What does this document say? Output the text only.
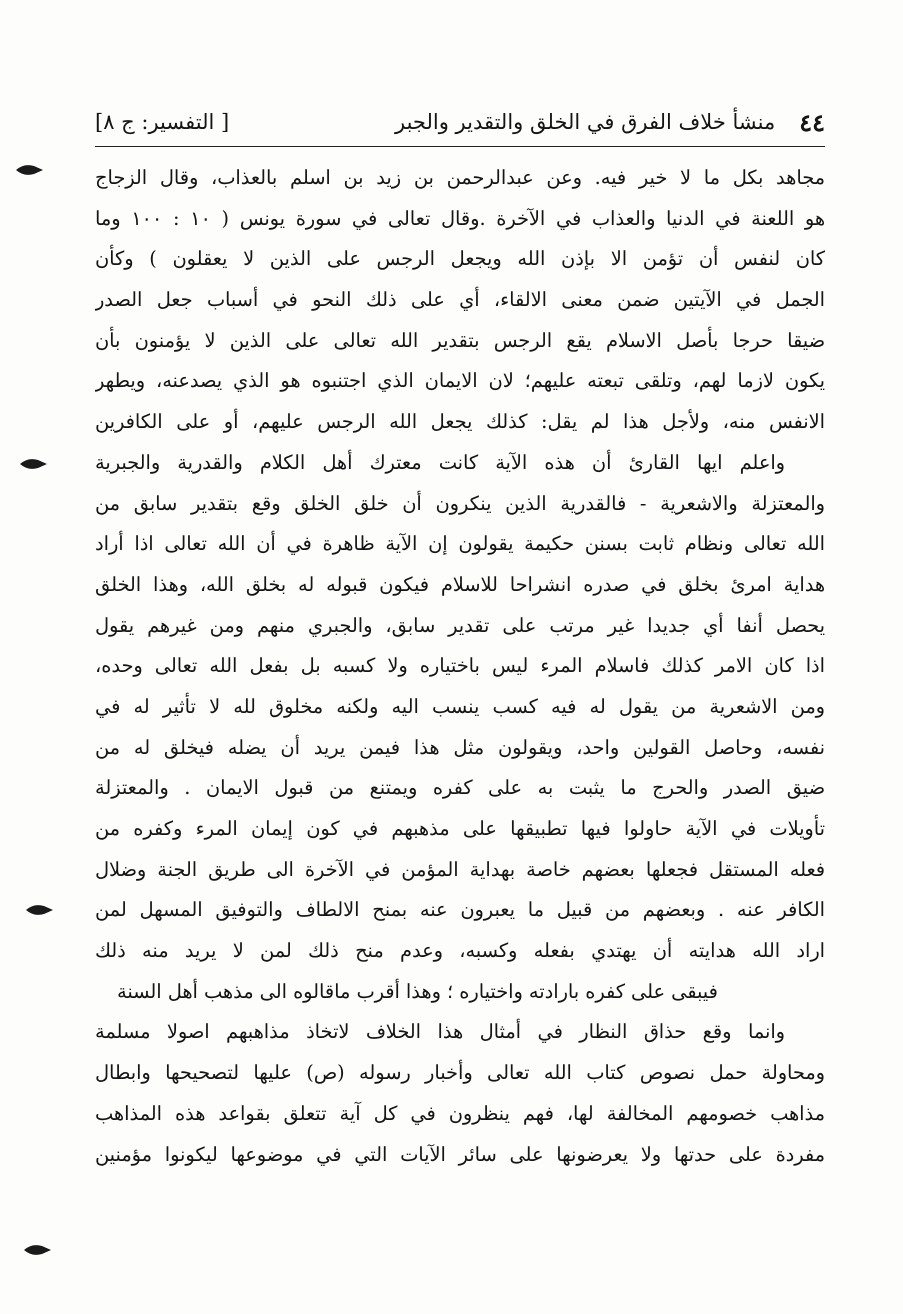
٤٤
منشأ خلاف الفرق في الخلق والتقدير والجبر
[ التفسير: ج ٨]
مجاهد بكل ما لا خير فيه. وعن عبدالرحمن بن زيد بن اسلم بالعذاب، وقال الزجاج
هو اللعنة في الدنيا والعذاب في الآخرة .وقال تعالى في سورة يونس ( ١٠ : ١٠٠ وما
كان لنفس أن تؤمن الا بإذن الله ويجعل الرجس على الذين لا يعقلون ) وكأن
الجمل في الآيتين ضمن معنى الالقاء، أي على ذلك النحو في أسباب جعل الصدر
ضيقا حرجا بأصل الاسلام يقع الرجس بتقدير الله تعالى على الذين لا يؤمنون بأن
يكون لازما لهم، وتلقى تبعته عليهم؛ لان الايمان الذي اجتنبوه هو الذي يصدعنه، ويطهر
الانفس منه، ولأجل هذا لم يقل: كذلك يجعل الله الرجس عليهم، أو على الكافرين
واعلم ايها القارئ أن هذه الآية كانت معترك أهل الكلام والقدرية والجبرية
والمعتزلة والاشعرية - فالقدرية الذين ينكرون أن خلق الخلق وقع بتقدير سابق من
الله تعالى ونظام ثابت بسنن حكيمة يقولون إن الآية ظاهرة في أن الله تعالى اذا أراد
هداية امرئ بخلق في صدره انشراحا للاسلام فيكون قبوله له بخلق الله، وهذا الخلق
يحصل أنفا أي جديدا غير مرتب على تقدير سابق، والجبري منهم ومن غيرهم يقول
اذا كان الامر كذلك فاسلام المرء ليس باختياره ولا كسبه بل بفعل الله تعالى وحده،
ومن الاشعرية من يقول له فيه كسب ينسب اليه ولكنه مخلوق لله لا تأثير له في
نفسه، وحاصل القولين واحد، ويقولون مثل هذا فيمن يريد أن يضله فيخلق له من
ضيق الصدر والحرج ما يثبت به على كفره ويمتنع من قبول الايمان . والمعتزلة
تأويلات في الآية حاولوا فيها تطبيقها على مذهبهم في كون إيمان المرء وكفره من
فعله المستقل فجعلها بعضهم خاصة بهداية المؤمن في الآخرة الى طريق الجنة وضلال
الكافر عنه . وبعضهم من قبيل ما يعبرون عنه بمنح الالطاف والتوفيق المسهل لمن
اراد الله هدايته أن يهتدي بفعله وكسبه، وعدم منح ذلك لمن لا يريد منه ذلك
فيبقى على كفره بارادته واختياره ؛ وهذا أقرب ماقالوه الى مذهب أهل السنة
وانما وقع حذاق النظار في أمثال هذا الخلاف لاتخاذ مذاهبهم اصولا مسلمة
ومحاولة حمل نصوص كتاب الله تعالى وأخبار رسوله (ص) عليها لتصحيحها وابطال
مذاهب خصومهم المخالفة لها، فهم ينظرون في كل آية تتعلق بقواعد هذه المذاهب
مفردة على حدتها ولا يعرضونها على سائر الآيات التي في موضوعها ليكونوا مؤمنين
